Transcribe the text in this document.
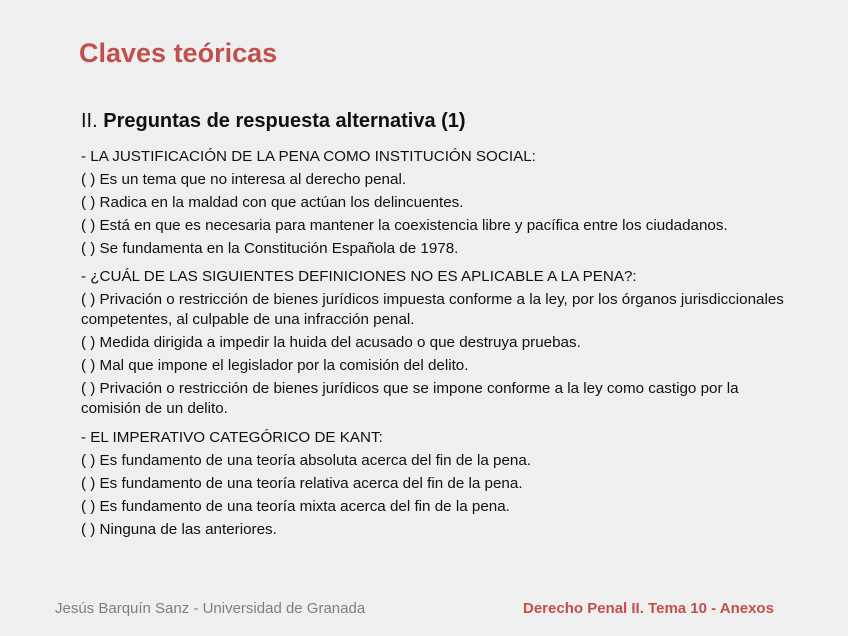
Claves teóricas
II. Preguntas de respuesta alternativa (1)
- LA JUSTIFICACIÓN DE LA PENA COMO INSTITUCIÓN SOCIAL:
( ) Es un tema que no interesa al derecho penal.
( ) Radica en la maldad con que actúan los delincuentes.
( ) Está en que es necesaria para mantener la coexistencia libre y pacífica entre los ciudadanos.
( ) Se fundamenta en la Constitución Española de 1978.
- ¿CUÁL DE LAS SIGUIENTES DEFINICIONES NO ES APLICABLE A LA PENA?:
( ) Privación o restricción de bienes jurídicos impuesta conforme a la ley, por los órganos jurisdiccionales competentes, al culpable de una infracción penal.
( ) Medida dirigida a impedir la huida del acusado o que destruya pruebas.
( ) Mal que impone el legislador por la comisión del delito.
( ) Privación o restricción de bienes jurídicos que se impone conforme a la ley como castigo por la comisión de un delito.
- EL IMPERATIVO CATEGÓRICO DE KANT:
( ) Es fundamento de una teoría absoluta acerca del fin de la pena.
( ) Es fundamento de una teoría relativa acerca del fin de la pena.
( ) Es fundamento de una teoría mixta acerca del fin de la pena.
( ) Ninguna de las anteriores.
Jesús Barquín Sanz - Universidad de Granada	Derecho Penal II. Tema 10 - Anexos
